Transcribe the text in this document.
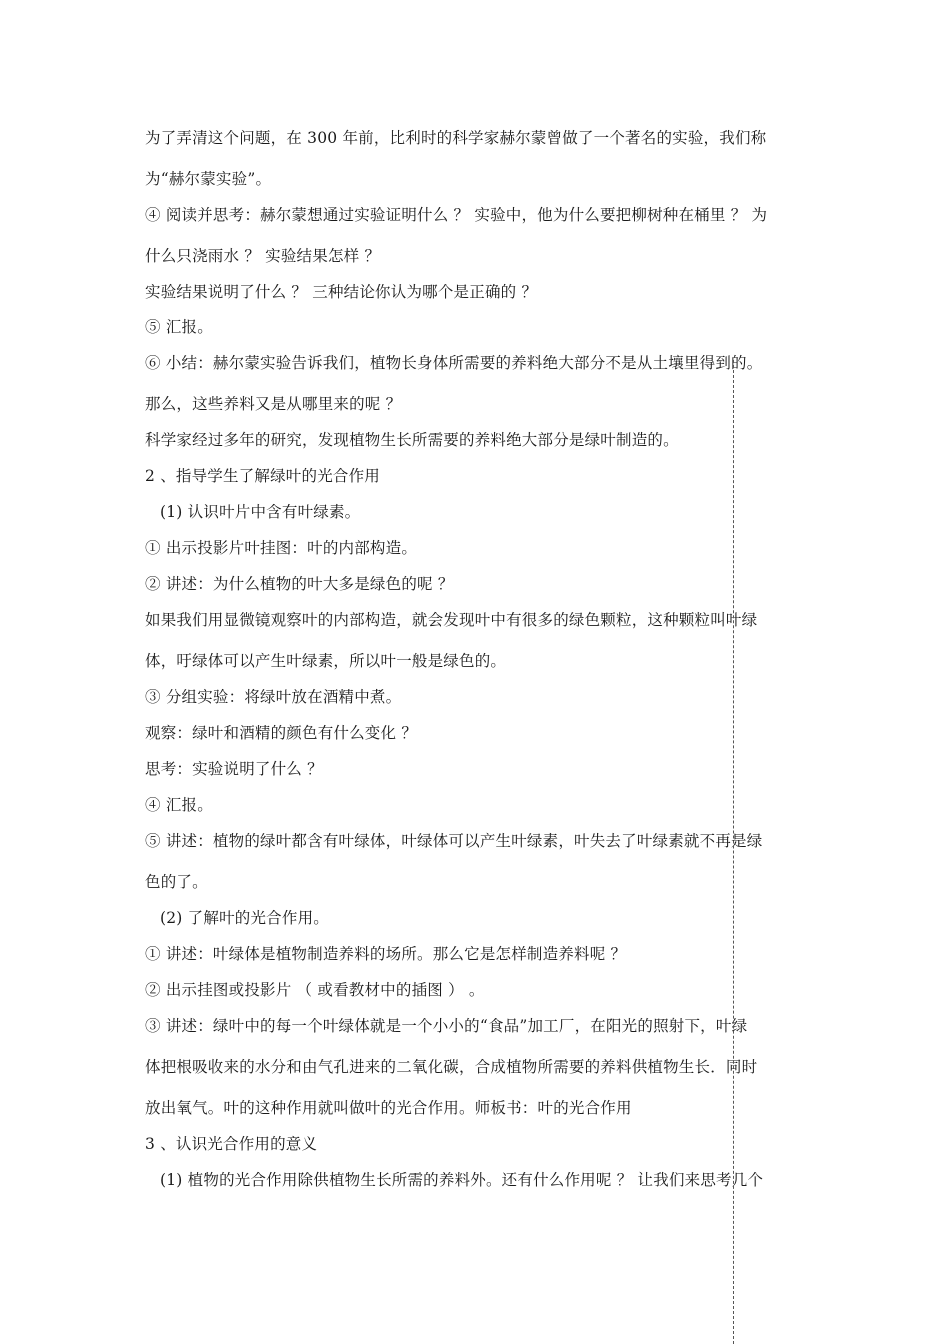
为了弄清这个问题，在 300 年前，比利时的科学家赫尔蒙曾做了一个著名的实验，我们称
为“赫尔蒙实验”。
④ 阅读并思考：赫尔蒙想通过实验证明什么 ？ 实验中，他为什么要把柳树种在桶里 ？ 为
什么只浇雨水 ？ 实验结果怎样 ？
实验结果说明了什么 ？ 三种结论你认为哪个是正确的 ？
⑤ 汇报。
⑥ 小结：赫尔蒙实验告诉我们，植物长身体所需要的养料绝大部分不是从土壤里得到的。
那么，这些养料又是从哪里来的呢 ？
科学家经过多年的研究，发现植物生长所需要的养料绝大部分是绿叶制造的。
2 、指导学生了解绿叶的光合作用
(1) 认识叶片中含有叶绿素。
① 出示投影片叶挂图：叶的内部构造。
② 讲述：为什么植物的叶大多是绿色的呢 ？
如果我们用显微镜观察叶的内部构造，就会发现叶中有很多的绿色颗粒，这种颗粒叫叶绿
体，吁绿体可以产生叶绿素，所以叶一般是绿色的。
③ 分组实验：将绿叶放在酒精中煮。
观察：绿叶和酒精的颜色有什么变化 ？
思考：实验说明了什么 ？
④ 汇报。
⑤ 讲述：植物的绿叶都含有叶绿体，叶绿体可以产生叶绿素，叶失去了叶绿素就不再是绿
色的了。
(2) 了解叶的光合作用。
① 讲述：叶绿体是植物制造养料的场所。那么它是怎样制造养料呢 ？
② 出示挂图或投影片 （ 或看教材中的插图 ） 。
③ 讲述：绿叶中的每一个叶绿体就是一个小小的“食品”加工厂，在阳光的照射下，叶绿
体把根吸收来的水分和由气孔进来的二氧化碳，合成植物所需要的养料供植物生长．同时
放出氧气。叶的这种作用就叫做叶的光合作用。师板书：叶的光合作用
3 、认识光合作用的意义
(1) 植物的光合作用除供植物生长所需的养料外。还有什么作用呢 ？ 让我们来思考几个
